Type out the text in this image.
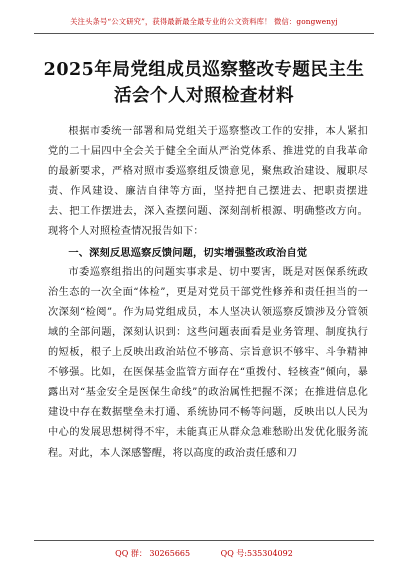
关注头条号“公文研究”，获得最新最全最专业的公文资料库！ 微信：gongwenyj
2025年局党组成员巡察整改专题民主生
活会个人对照检查材料

根据市委统一部署和局党组关于巡察整改工作的安排，本人紧扣党的二十届四中全会关于健全全面从严治党体系、推进党的自我革命的最新要求，严格对照市委巡察组反馈意见，聚焦政治建设、履职尽责、作风建设、廉洁自律等方面，坚持把自己摆进去、把职责摆进去、把工作摆进去，深入查摆问题、深刻剖析根源、明确整改方向。现将个人对照检查情况报告如下：

一、深刻反思巡察反馈问题，切实增强整改政治自觉

市委巡察组指出的问题实事求是、切中要害，既是对医保系统政治生态的一次全面“体检”，更是对党员干部党性修养和责任担当的一次深刻“检阅”。作为局党组成员，本人坚决认领巡察反馈涉及分管领域的全部问题，深刻认识到：这些问题表面看是业务管理、制度执行的短板，根子上反映出政治站位不够高、宗旨意识不够牢、斗争精神不够强。比如，在医保基金监管方面存在“重拨付、轻核查”倾向，暴露出对“基金安全是医保生命线”的政治属性把握不深；在推进信息化建设中存在数据壁垒未打通、系统协同不畅等问题，反映出以人民为中心的发展思想树得不牢，未能真正从群众急难愁盼出发优化服务流程。对此，本人深感警醒，将以高度的政治责任感和刀

QQ 群： 30265665	QQ 号:535304092
